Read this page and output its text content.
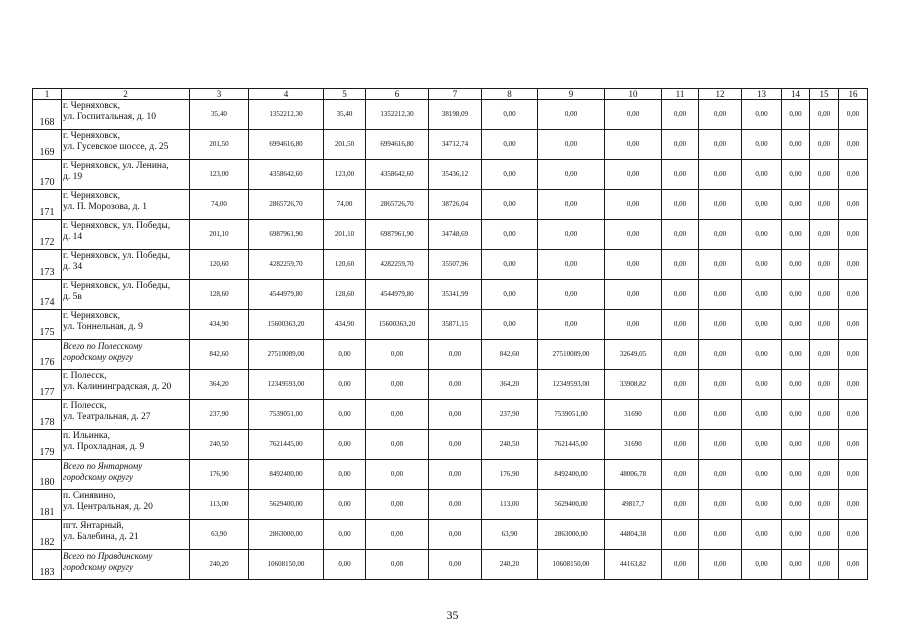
1	2	3	4	5	6	7	8	9	10	11	12	13	14	15	16
168	г. Черняховск,
ул. Госпитальная, д. 10	35,40	1352212,30	35,40	1352212,30	38198,09	0,00	0,00	0,00	0,00	0,00	0,00	0,00	0,00	0,00
169	г. Черняховск,
ул. Гусевское шоссе, д. 25	201,50	6994616,80	201,50	6994616,80	34712,74	0,00	0,00	0,00	0,00	0,00	0,00	0,00	0,00	0,00
170	г. Черняховск, ул. Ленина,
д. 19	123,00	4358642,60	123,00	4358642,60	35436,12	0,00	0,00	0,00	0,00	0,00	0,00	0,00	0,00	0,00
171	г. Черняховск,
ул. П. Морозова, д. 1	74,00	2865726,70	74,00	2865726,70	38726,04	0,00	0,00	0,00	0,00	0,00	0,00	0,00	0,00	0,00
172	г. Черняховск, ул. Победы,
д. 14	201,10	6987961,90	201,10	6987961,90	34748,69	0,00	0,00	0,00	0,00	0,00	0,00	0,00	0,00	0,00
173	г. Черняховск, ул. Победы,
д. 34	120,60	4282259,70	120,60	4282259,70	35507,96	0,00	0,00	0,00	0,00	0,00	0,00	0,00	0,00	0,00
174	г. Черняховск, ул. Победы,
д. 5в	128,60	4544979,80	128,60	4544979,80	35341,99	0,00	0,00	0,00	0,00	0,00	0,00	0,00	0,00	0,00
175	г. Черняховск,
ул. Тоннельная, д. 9	434,90	15600363,20	434,90	15600363,20	35871,15	0,00	0,00	0,00	0,00	0,00	0,00	0,00	0,00	0,00
176	Всего по Полесскому
городскому округу	842,60	27510089,00	0,00	0,00	0,00	842,60	27510089,00	32649,05	0,00	0,00	0,00	0,00	0,00	0,00
177	г. Полесск,
ул. Калининградская, д. 20	364,20	12349593,00	0,00	0,00	0,00	364,20	12349593,00	33908,82	0,00	0,00	0,00	0,00	0,00	0,00
178	г. Полесск,
ул. Театральная, д. 27	237,90	7539051,00	0,00	0,00	0,00	237,90	7539051,00	31690	0,00	0,00	0,00	0,00	0,00	0,00
179	п. Ильинка,
ул. Прохладная, д. 9	240,50	7621445,00	0,00	0,00	0,00	240,50	7621445,00	31690	0,00	0,00	0,00	0,00	0,00	0,00
180	Всего по Янтарному
городскому округу	176,90	8492400,00	0,00	0,00	0,00	176,90	8492400,00	48006,78	0,00	0,00	0,00	0,00	0,00	0,00
181	п. Синявино,
ул. Центральная, д. 20	113,00	5629400,00	0,00	0,00	0,00	113,00	5629400,00	49817,7	0,00	0,00	0,00	0,00	0,00	0,00
182	пгт. Янтарный,
ул. Балебина, д. 21	63,90	2863000,00	0,00	0,00	0,00	63,90	2863000,00	44804,38	0,00	0,00	0,00	0,00	0,00	0,00
183	Всего по Правдинскому
городскому округу	240,20	10608150,00	0,00	0,00	0,00	240,20	10608150,00	44163,82	0,00	0,00	0,00	0,00	0,00	0,00
35
